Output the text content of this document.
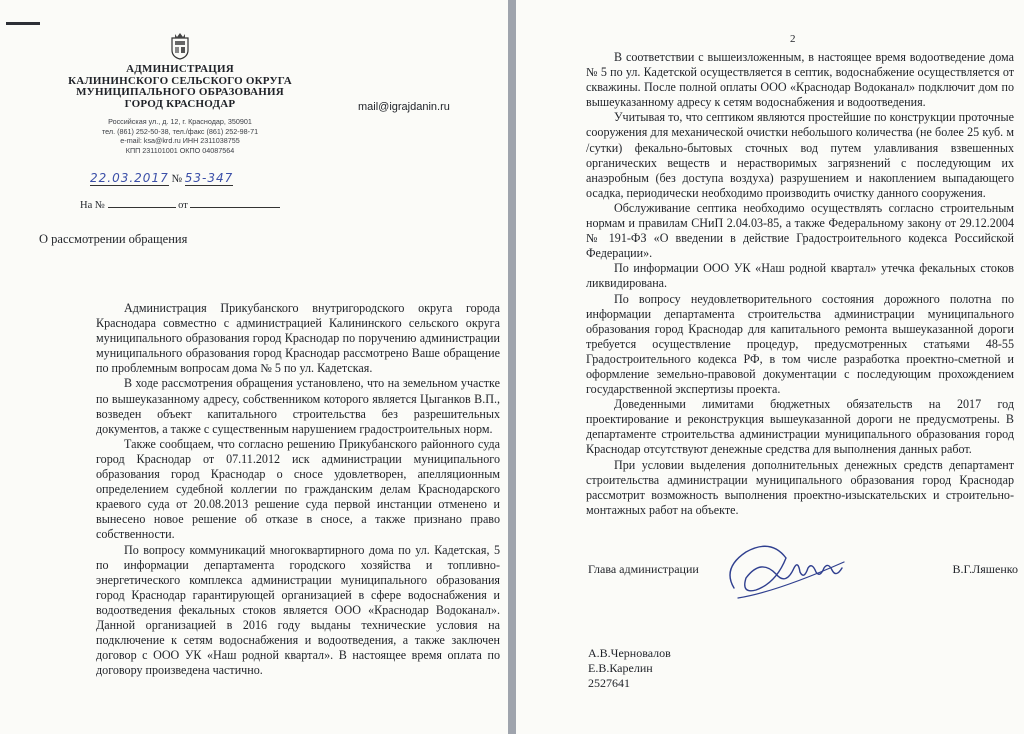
АДМИНИСТРАЦИЯ
КАЛИНИНСКОГО СЕЛЬСКОГО ОКРУГА
МУНИЦИПАЛЬНОГО ОБРАЗОВАНИЯ
ГОРОД КРАСНОДАР
Российская ул., д. 12, г. Краснодар, 350901
тел. (861) 252-50-38, тел./факс (861) 252-98-71
e-mail: ksa@krd.ru ИНН 2311038755
КПП 231101001 ОКПО 04087564
mail@igrajdanin.ru
22.03.2017 № 53-347
На №	от
О рассмотрении обращения

Администрация Прикубанского внутригородского округа города Краснодара совместно с администрацией Калининского сельского округа муниципального образования город Краснодар по поручению администрации муниципального образования город Краснодар рассмотрено Ваше обращение по проблемным вопросам дома № 5 по ул. Кадетская.

В ходе рассмотрения обращения установлено, что на земельном участке по вышеуказанному адресу, собственником которого является Цыганков В.П., возведен объект капитального строительства без разрешительных документов, а также с существенным нарушением градостроительных норм.

Также сообщаем, что согласно решению Прикубанского районного суда город Краснодар от 07.11.2012 иск администрации муниципального образования город Краснодар о сносе удовлетворен, апелляционным определением судебной коллегии по гражданским делам Краснодарского краевого суда от 20.08.2013 решение суда первой инстанции отменено и вынесено новое решение об отказе в сносе, а также признано право собственности.

По вопросу коммуникаций многоквартирного дома по ул. Кадетская, 5 по информации департамента городского хозяйства и топливно-энергетического комплекса администрации муниципального образования город Краснодар гарантирующей организацией в сфере водоснабжения и водоотведения фекальных стоков является ООО «Краснодар Водоканал». Данной организацией в 2016 году выданы технические условия на подключение к сетям водоснабжения и водоотведения, а также заключен договор с ООО УК «Наш родной квартал». В настоящее время оплата по договору произведена частично.

2

В соответствии с вышеизложенным, в настоящее время водоотведение дома № 5 по ул. Кадетской осуществляется в септик, водоснабжение осуществляется от скважины. После полной оплаты ООО «Краснодар Водоканал» подключит дом по вышеуказанному адресу к сетям водоснабжения и водоотведения.

Учитывая то, что септиком являются простейшие по конструкции проточные сооружения для механической очистки небольшого количества (не более 25 куб. м /сутки) фекально-бытовых сточных вод путем улавливания взвешенных органических веществ и нерастворимых загрязнений с последующим их анаэробным (без доступа воздуха) разрушением и накоплением выпадающего осадка, периодически необходимо производить очистку данного сооружения.

Обслуживание септика необходимо осуществлять согласно строительным нормам и правилам СНиП 2.04.03-85, а также Федеральному закону от 29.12.2004 № 191-ФЗ «О введении в действие Градостроительного кодекса Российской Федерации».

По информации ООО УК «Наш родной квартал» утечка фекальных стоков ликвидирована.

По вопросу неудовлетворительного состояния дорожного полотна по информации департамента строительства администрации муниципального образования город Краснодар для капитального ремонта вышеуказанной дороги требуется осуществление процедур, предусмотренных статьями 48-55 Градостроительного кодекса РФ, в том числе разработка проектно-сметной и оформление земельно-правовой документации с последующим прохождением государственной экспертизы проекта.

Доведенными лимитами бюджетных обязательств на 2017 год проектирование и реконструкция вышеуказанной дороги не предусмотрены. В департаменте строительства администрации муниципального образования город Краснодар отсутствуют денежные средства для выполнения данных работ.

При условии выделения дополнительных денежных средств департамент строительства администрации муниципального образования город Краснодар рассмотрит возможность выполнения проектно-изыскательских и строительно-монтажных работ на объекте.

Глава администрации	В.Г.Ляшенко
А.В.Черновалов
Е.В.Карелин
2527641
